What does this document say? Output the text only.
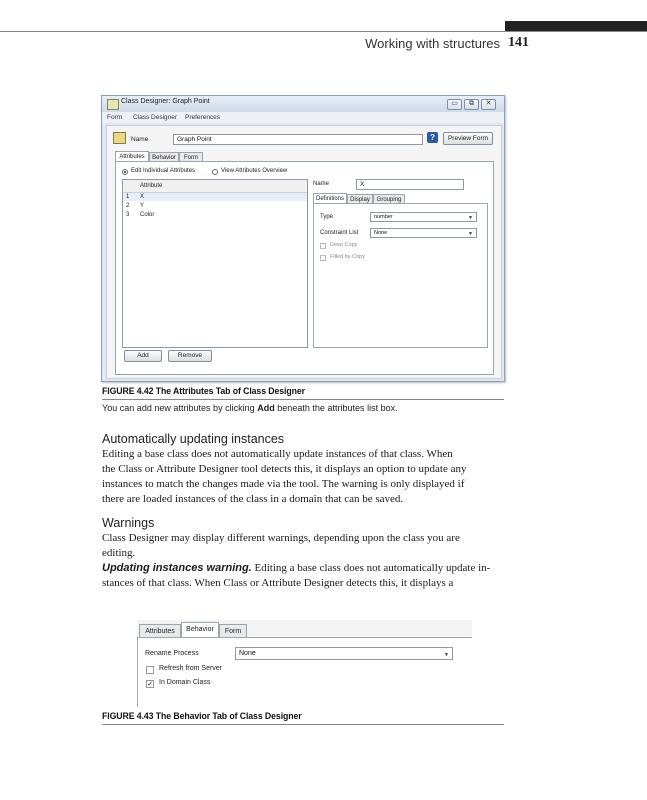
Working with structures 141
Class Designer: Graph Point	▭	⧉	✕
Form Class Designer Preferences
Name	Graph Point	?	Preview Form
Attributes	Behavior	Form
Edit Individual Attributes	View Attributes Overview
Attribute
1 X
2 Y
3 Color
Name	X
Definitions	Display	Grouping
Type	number	▼
Constraint List	None	▼
Deep Copy
Filled by Copy
Add	Remove
FIGURE 4.42 The Attributes Tab of Class Designer
You can add new attributes by clicking Add beneath the attributes list box.
Automatically updating instances
Editing a base class does not automatically update instances of that class. When
the Class or Attribute Designer tool detects this, it displays an option to update any
instances to match the changes made via the tool. The warning is only displayed if
there are loaded instances of the class in a domain that can be saved.
Warnings
Class Designer may display different warnings, depending upon the class you are
editing.
Updating instances warning. Editing a base class does not automatically update in-
stances of that class. When Class or Attribute Designer detects this, it displays a
Attributes	Behavior	Form
Rename Process	None	▼
Refresh from Server
✓ In Domain Class
FIGURE 4.43 The Behavior Tab of Class Designer
